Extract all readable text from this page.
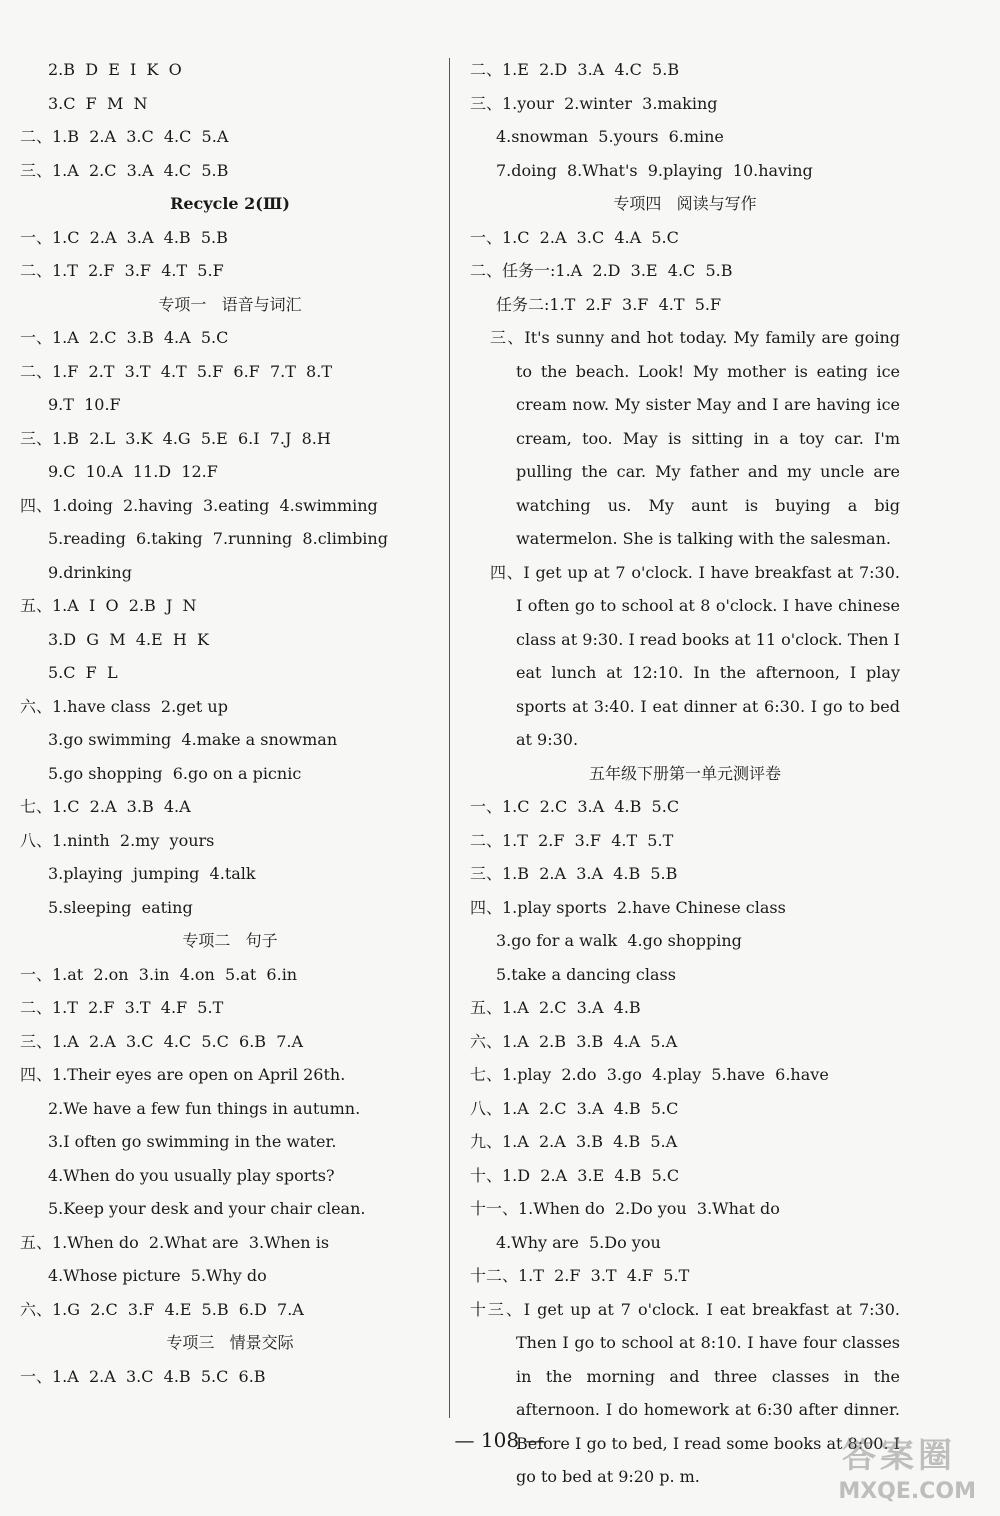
2.B  D  E  I  K  O
3.C  F  M  N
二、1.B  2.A  3.C  4.C  5.A
三、1.A  2.C  3.A  4.C  5.B
Recycle 2(Ⅲ)
一、1.C  2.A  3.A  4.B  5.B
二、1.T  2.F  3.F  4.T  5.F
专项一   语音与词汇
一、1.A  2.C  3.B  4.A  5.C
二、1.F  2.T  3.T  4.T  5.F  6.F  7.T  8.T
9.T  10.F
三、1.B  2.L  3.K  4.G  5.E  6.I  7.J  8.H
9.C  10.A  11.D  12.F
四、1.doing  2.having  3.eating  4.swimming
5.reading  6.taking  7.running  8.climbing
9.drinking
五、1.A  I  O  2.B  J  N
3.D  G  M  4.E  H  K
5.C  F  L
六、1.have class  2.get up
3.go swimming  4.make a snowman
5.go shopping  6.go on a picnic
七、1.C  2.A  3.B  4.A
八、1.ninth  2.my  yours
3.playing  jumping  4.talk
5.sleeping  eating
专项二   句子
一、1.at  2.on  3.in  4.on  5.at  6.in
二、1.T  2.F  3.T  4.F  5.T
三、1.A  2.A  3.C  4.C  5.C  6.B  7.A
四、1.Their eyes are open on April 26th.
2.We have a few fun things in autumn.
3.I often go swimming in the water.
4.When do you usually play sports?
5.Keep your desk and your chair clean.
五、1.When do  2.What are  3.When is
4.Whose picture  5.Why do
六、1.G  2.C  3.F  4.E  5.B  6.D  7.A
专项三   情景交际
一、1.A  2.A  3.C  4.B  5.C  6.B
二、1.E  2.D  3.A  4.C  5.B
三、1.your  2.winter  3.making
4.snowman  5.yours  6.mine
7.doing  8.What's  9.playing  10.having
专项四   阅读与写作
一、1.C  2.A  3.C  4.A  5.C
二、任务一:1.A  2.D  3.E  4.C  5.B
任务二:1.T  2.F  3.F  4.T  5.F
三、It's sunny and hot today. My family are going to the beach. Look! My mother is eating ice cream now. My sister May and I are having ice cream, too. May is sitting in a toy car. I'm pulling the car. My father and my uncle are watching us. My aunt is buying a big watermelon. She is talking with the salesman.
四、I get up at 7 o'clock. I have breakfast at 7:30. I often go to school at 8 o'clock. I have chinese class at 9:30. I read books at 11 o'clock. Then I eat lunch at 12:10. In the afternoon, I play sports at 3:40. I eat dinner at 6:30. I go to bed at 9:30.
五年级下册第一单元测评卷
一、1.C  2.C  3.A  4.B  5.C
二、1.T  2.F  3.F  4.T  5.T
三、1.B  2.A  3.A  4.B  5.B
四、1.play sports  2.have Chinese class
3.go for a walk  4.go shopping
5.take a dancing class
五、1.A  2.C  3.A  4.B
六、1.A  2.B  3.B  4.A  5.A
七、1.play  2.do  3.go  4.play  5.have  6.have
八、1.A  2.C  3.A  4.B  5.C
九、1.A  2.A  3.B  4.B  5.A
十、1.D  2.A  3.E  4.B  5.C
十一、1.When do  2.Do you  3.What do
4.Why are  5.Do you
十二、1.T  2.F  3.T  4.F  5.T
十三、I get up at 7 o'clock. I eat breakfast at 7:30. Then I go to school at 8:10. I have four classes in the morning and three classes in the afternoon. I do homework at 6:30 after dinner. Before I go to bed, I read some books at 8:00. I go to bed at 9:20 p. m.
— 108 —	答案圈
MXQE.COM
